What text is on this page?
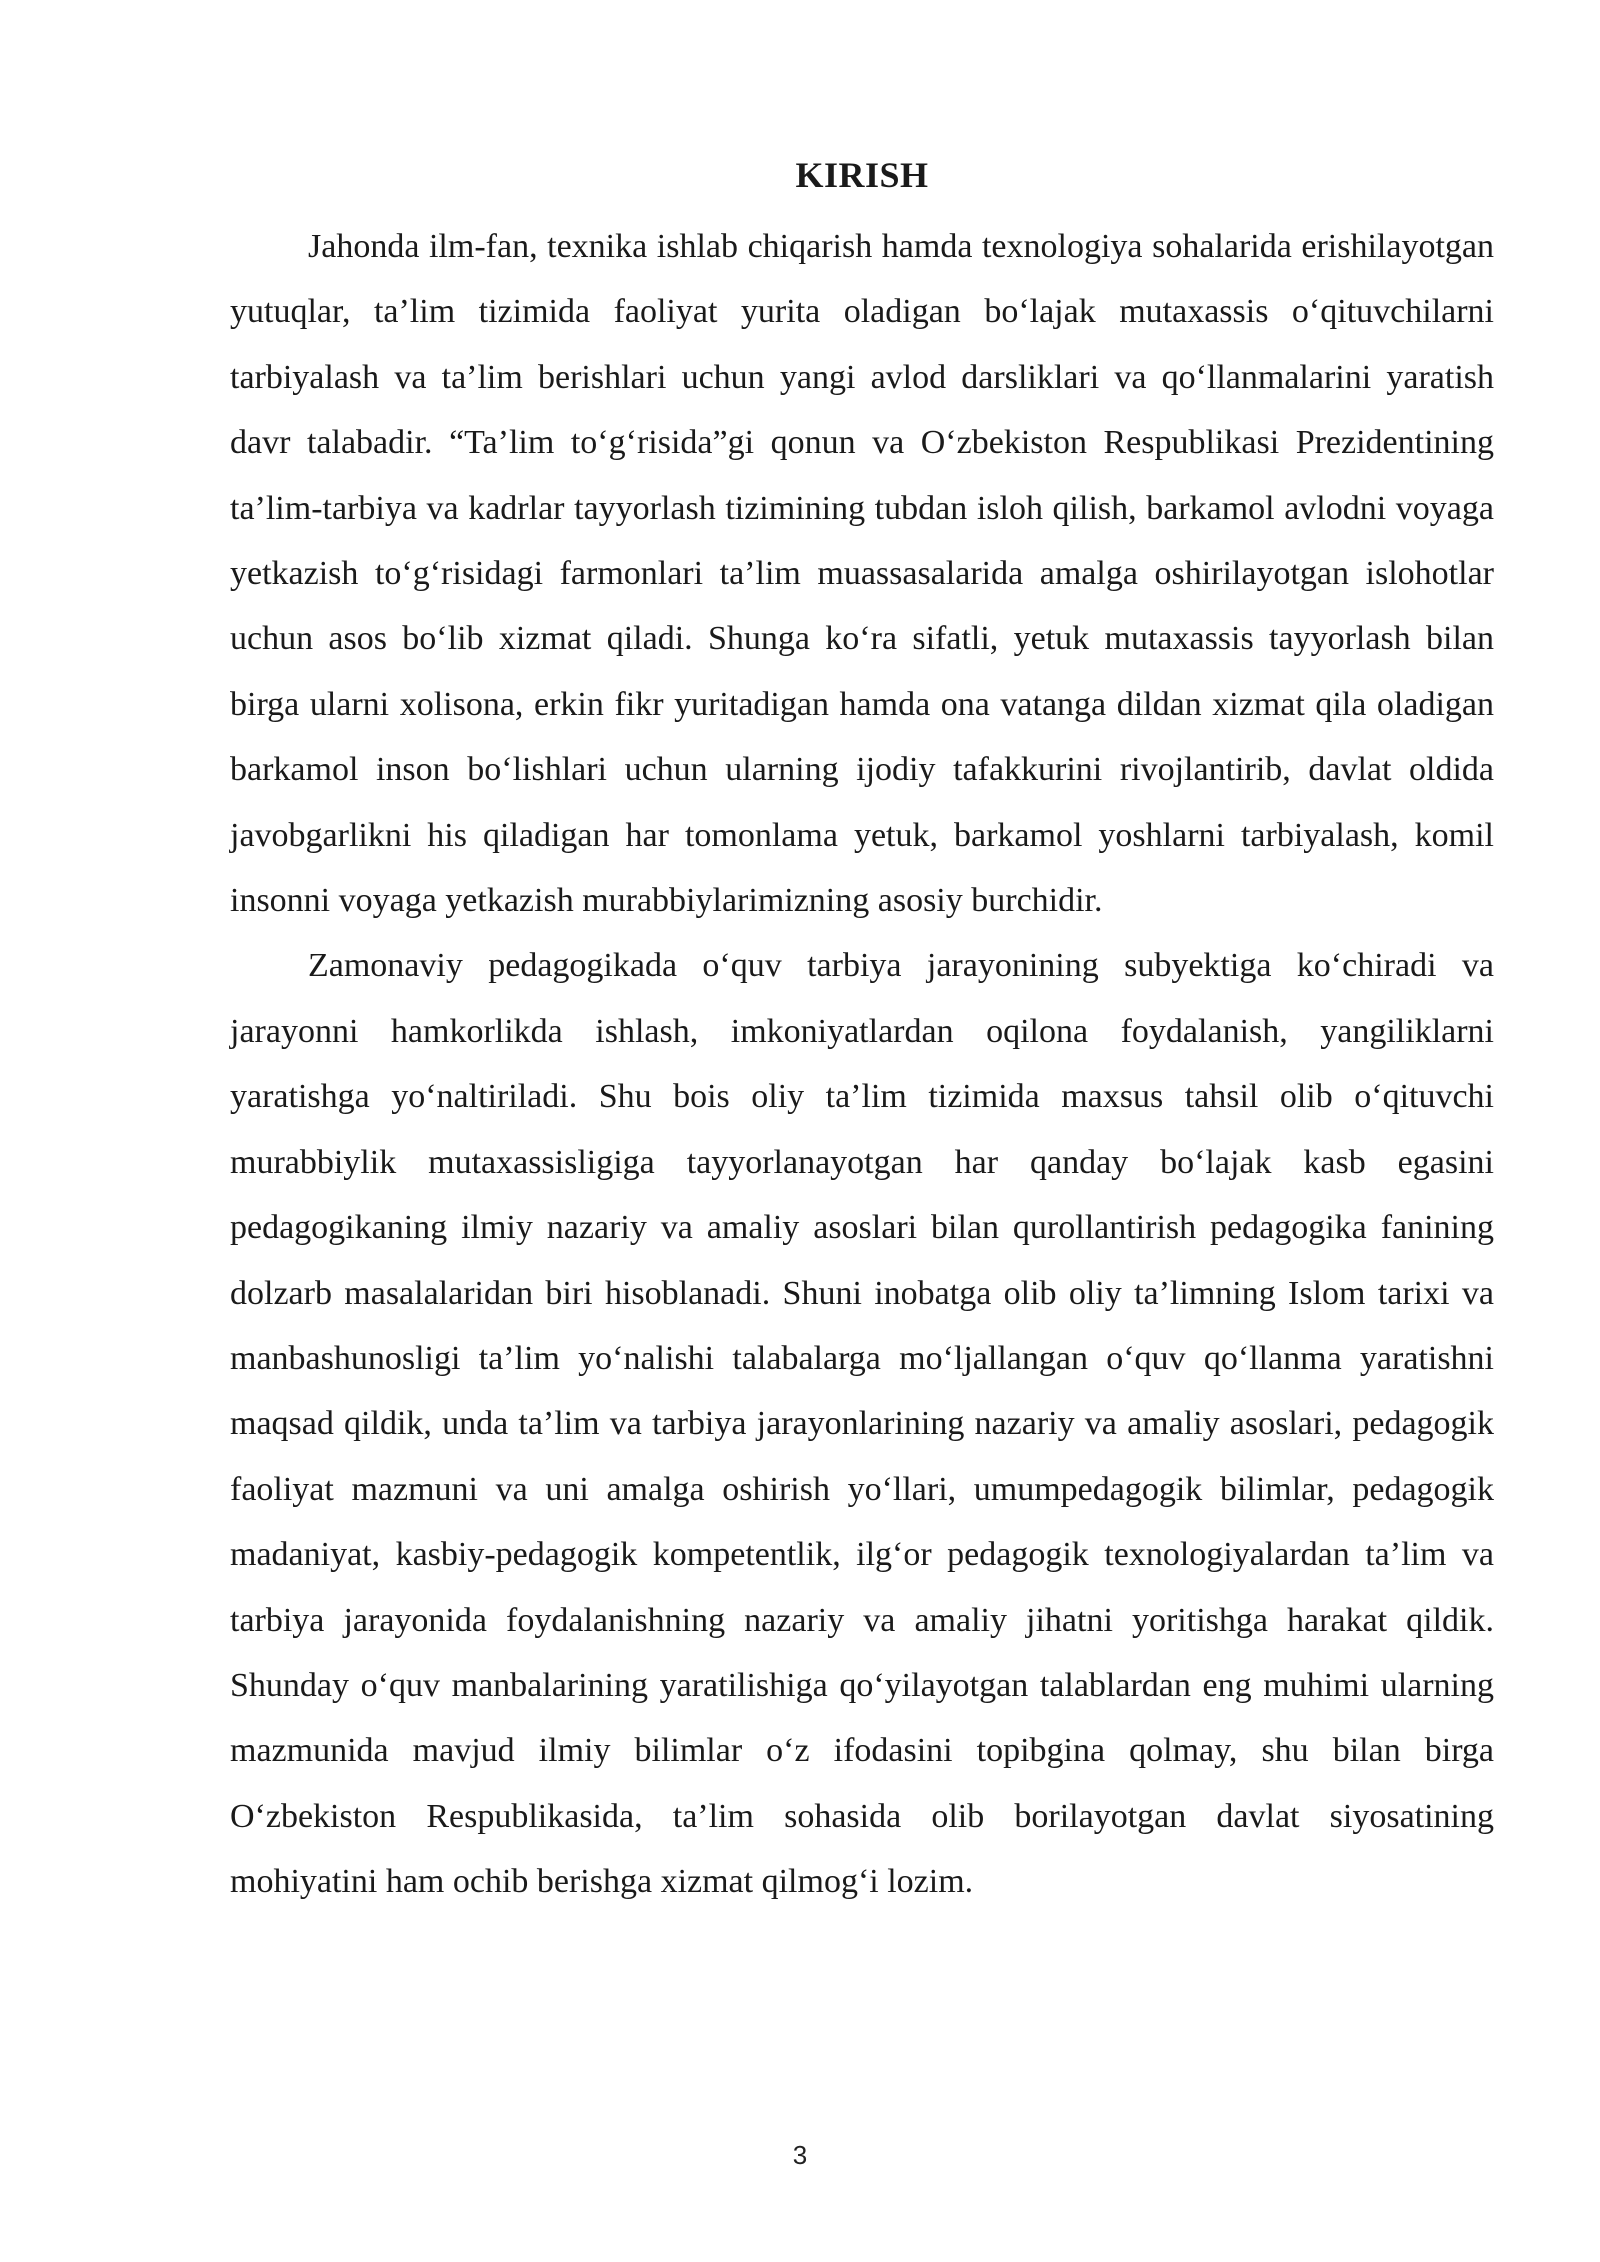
KIRISH

Jahonda ilm-fan, texnika ishlab chiqarish hamda texnologiya sohalarida erishilayotgan yutuqlar, ta’lim tizimida faoliyat yurita oladigan bo‘lajak mutaxassis o‘qituvchilarni tarbiyalash va ta’lim berishlari uchun yangi avlod darsliklari va qo‘llanmalarini yaratish davr talabadir. “Ta’lim to‘g‘risida”gi qonun va O‘zbekiston Respublikasi Prezidentining ta’lim-tarbiya va kadrlar tayyorlash tizimining tubdan isloh qilish, barkamol avlodni voyaga yetkazish to‘g‘risidagi farmonlari ta’lim muassasalarida amalga oshirilayotgan islohotlar uchun asos bo‘lib xizmat qiladi. Shunga ko‘ra sifatli, yetuk mutaxassis tayyorlash bilan birga ularni xolisona, erkin fikr yuritadigan hamda ona vatanga dildan xizmat qila oladigan barkamol inson bo‘lishlari uchun ularning ijodiy tafakkurini rivojlantirib, davlat oldida javobgarlikni his qiladigan har tomonlama yetuk, barkamol yoshlarni tarbiyalash, komil insonni voyaga yetkazish murabbiylarimizning asosiy burchidir.

Zamonaviy pedagogikada o‘quv tarbiya jarayonining subyektiga ko‘chiradi va jarayonni hamkorlikda ishlash, imkoniyatlardan oqilona foydalanish, yangiliklarni yaratishga yo‘naltiriladi. Shu bois oliy ta’lim tizimida maxsus tahsil olib o‘qituvchi murabbiylik mutaxassisligiga tayyorlanayotgan har qanday bo‘lajak kasb egasini pedagogikaning ilmiy nazariy va amaliy asoslari bilan qurollantirish pedagogika fanining dolzarb masalalaridan biri hisoblanadi. Shuni inobatga olib oliy ta’limning Islom tarixi va manbashunosligi ta’lim yo‘nalishi talabalarga mo‘ljallangan o‘quv qo‘llanma yaratishni maqsad qildik, unda ta’lim va tarbiya jarayonlarining nazariy va amaliy asoslari, pedagogik faoliyat mazmuni va uni amalga oshirish yo‘llari, umumpedagogik bilimlar, pedagogik madaniyat, kasbiy-pedagogik kompetentlik, ilg‘or pedagogik texnologiyalardan ta’lim va tarbiya jarayonida foydalanishning nazariy va amaliy jihatni yoritishga harakat qildik. Shunday o‘quv manbalarining yaratilishiga qo‘yilayotgan talablardan eng muhimi ularning mazmunida mavjud ilmiy bilimlar o‘z ifodasini topibgina qolmay, shu bilan birga O‘zbekiston Respublikasida, ta’lim sohasida olib borilayotgan davlat siyosatining mohiyatini ham ochib berishga xizmat qilmog‘i lozim.

3
